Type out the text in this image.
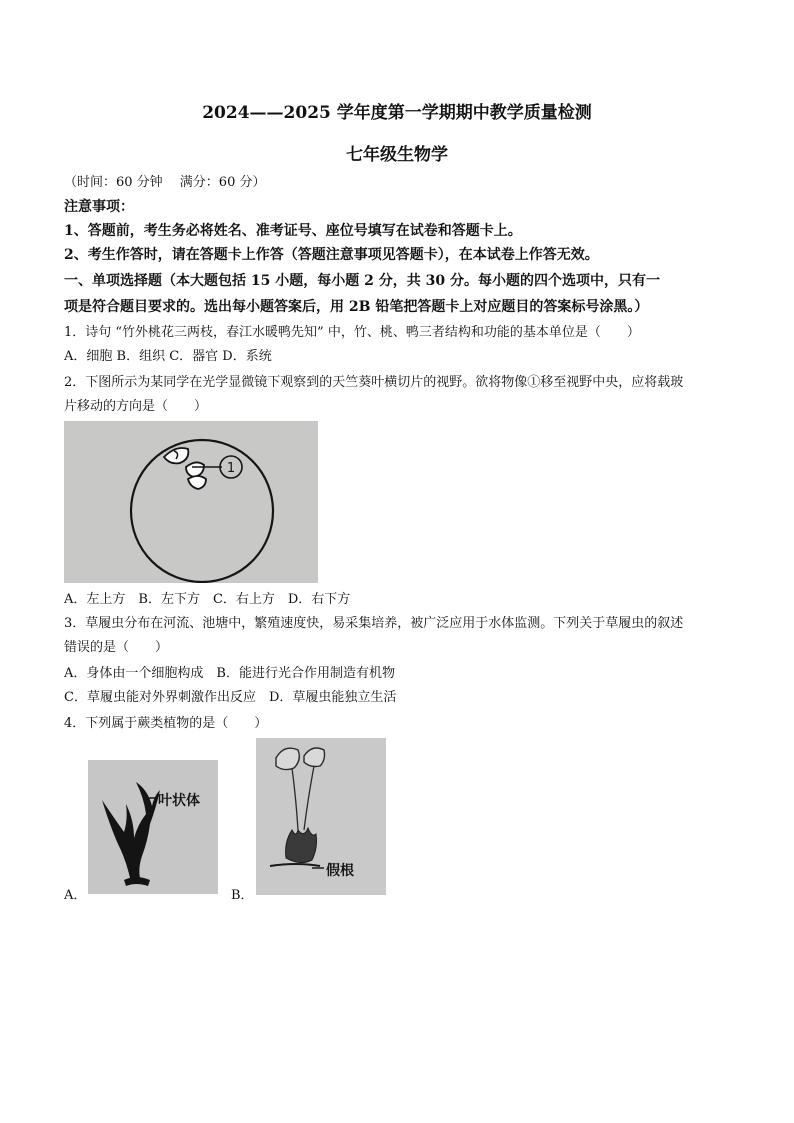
2024——2025 学年度第一学期期中教学质量检测
七年级生物学
（时间：60 分钟　 满分：60 分）
注意事项：
1、答题前，考生务必将姓名、准考证号、座位号填写在试卷和答题卡上。
2、考生作答时，请在答题卡上作答（答题注意事项见答题卡），在本试卷上作答无效。
一、单项选择题（本大题包括 15 小题，每小题 2 分，共 30 分。每小题的四个选项中，只有一
项是符合题目要求的。选出每小题答案后，用 2B 铅笔把答题卡上对应题目的答案标号涂黑。）
1．诗句 “竹外桃花三两枝，春江水暖鸭先知” 中，竹、桃、鸭三者结构和功能的基本单位是（　　）
A．细胞 B．组织 C．器官 D．系统
2．下图所示为某同学在光学显微镜下观察到的天竺葵叶横切片的视野。欲将物像①移至视野中央，应将载玻
片移动的方向是（　　）
1
A．左上方　B．左下方　C．右上方　D．右下方
3．草履虫分布在河流、池塘中，繁殖速度快，易采集培养，被广泛应用于水体监测。下列关于草履虫的叙述
错误的是（　　）
A．身体由一个细胞构成　B．能进行光合作用制造有机物
C．草履虫能对外界刺激作出反应　D．草履虫能独立生活
4．下列属于蕨类植物的是（　　）
A．
叶状体
B．
假根
